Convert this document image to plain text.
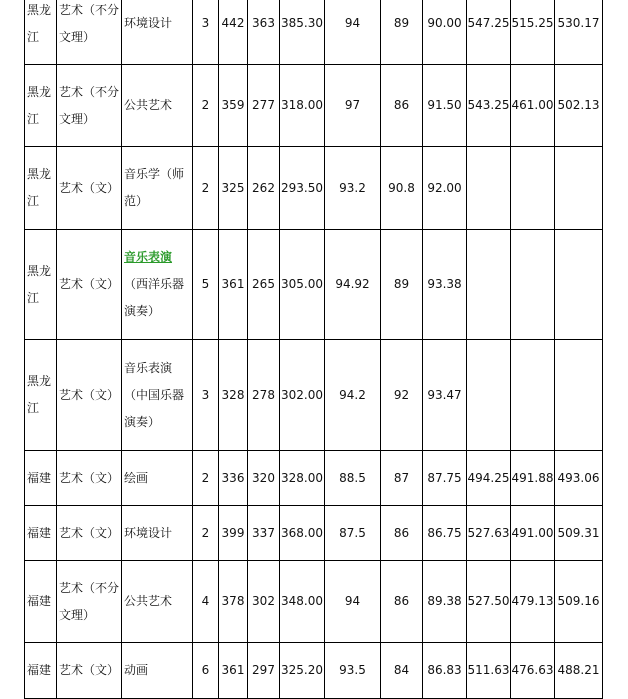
黑龙江	艺术（不分文理）	环境设计	3	442	363	385.30	94	89	90.00	547.25	515.25	530.17
黑龙江	艺术（不分文理）	公共艺术	2	359	277	318.00	97	86	91.50	543.25	461.00	502.13
黑龙江	艺术（文）	音乐学（师范）	2	325	262	293.50	93.2	90.8	92.00			
黑龙江	艺术（文）	音乐表演（西洋乐器演奏）	5	361	265	305.00	94.92	89	93.38			
黑龙江	艺术（文）	音乐表演（中国乐器演奏）	3	328	278	302.00	94.2	92	93.47			
福建	艺术（文）	绘画	2	336	320	328.00	88.5	87	87.75	494.25	491.88	493.06
福建	艺术（文）	环境设计	2	399	337	368.00	87.5	86	86.75	527.63	491.00	509.31
福建	艺术（不分文理）	公共艺术	4	378	302	348.00	94	86	89.38	527.50	479.13	509.16
福建	艺术（文）	动画	6	361	297	325.20	93.5	84	86.83	511.63	476.63	488.21
